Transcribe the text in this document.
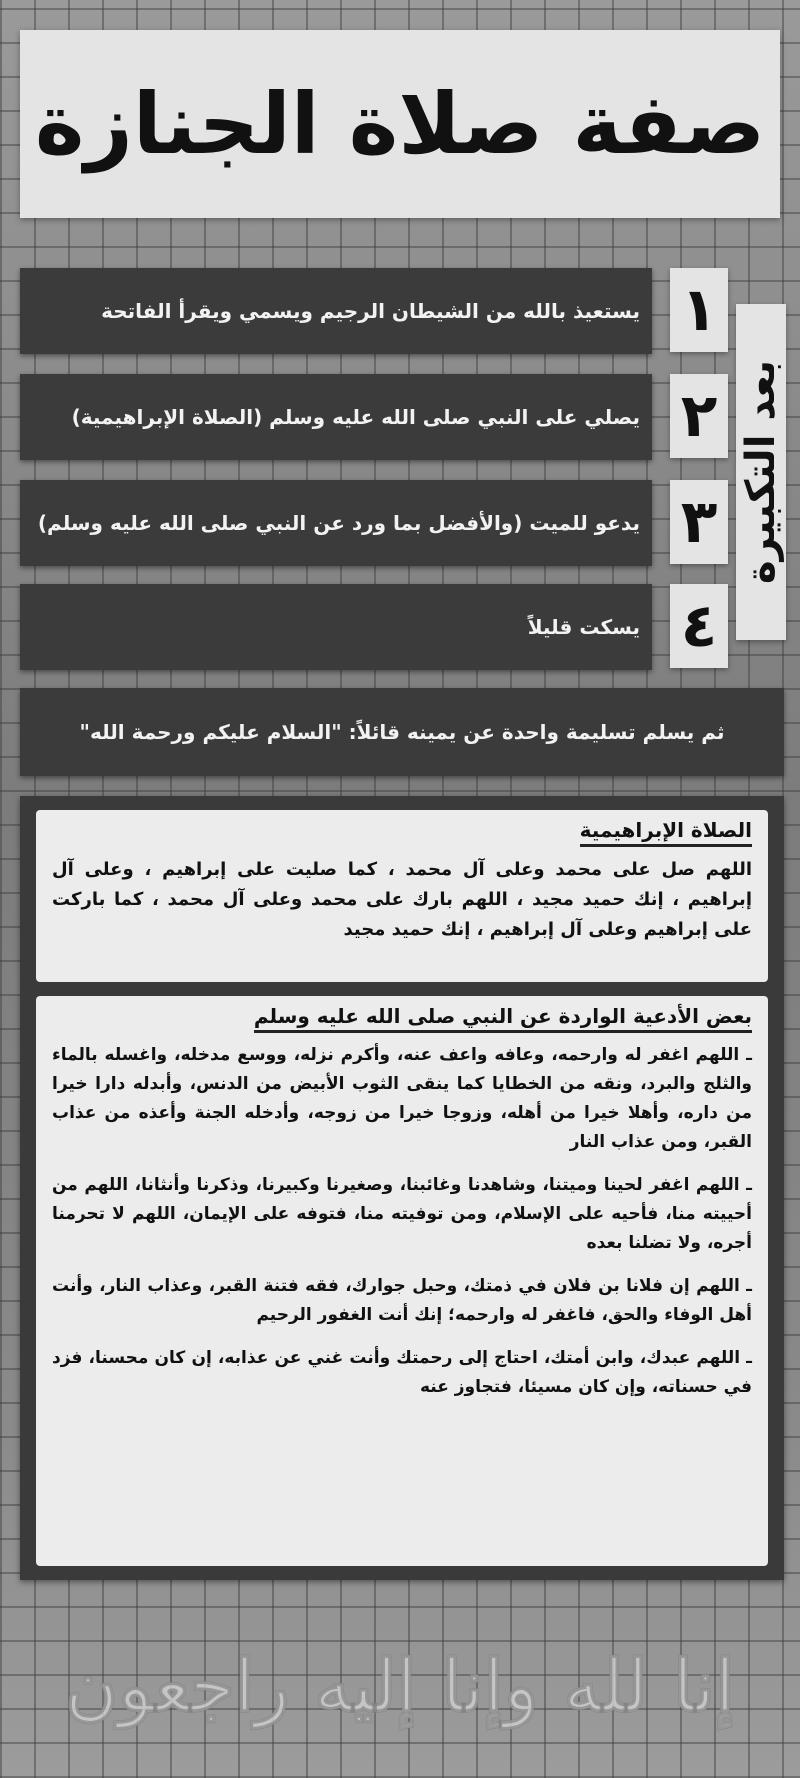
صفة صلاة الجنازة
بعد التكبيرة
١
يستعيذ بالله من الشيطان الرجيم ويسمي ويقرأ الفاتحة
٢
يصلي على النبي صلى الله عليه وسلم (الصلاة الإبراهيمية)
٣
يدعو للميت (والأفضل بما ورد عن النبي صلى الله عليه وسلم)
٤
يسكت قليلاً
ثم يسلم تسليمة واحدة عن يمينه قائلاً: "السلام عليكم ورحمة الله"
الصلاة الإبراهيمية
اللهم صل على محمد وعلى آل محمد ، كما صليت على إبراهيم ، وعلى آل إبراهيم ، إنك حميد مجيد ، اللهم بارك على محمد وعلى آل محمد ، كما باركت على إبراهيم وعلى آل إبراهيم ، إنك حميد مجيد
بعض الأدعية الواردة عن النبي صلى الله عليه وسلم

ـ اللهم اغفر له وارحمه، وعافه واعف عنه، وأكرم نزله، ووسع مدخله، واغسله بالماء والثلج والبرد، ونقه من الخطايا كما ينقى الثوب الأبيض من الدنس، وأبدله دارا خيرا من داره، وأهلا خيرا من أهله، وزوجا خيرا من زوجه، وأدخله الجنة وأعذه من عذاب القبر، ومن عذاب النار

ـ اللهم اغفر لحينا وميتنا، وشاهدنا وغائبنا، وصغيرنا وكبيرنا، وذكرنا وأنثانا، اللهم من أحييته منا، فأحيه على الإسلام، ومن توفيته منا، فتوفه على الإيمان، اللهم لا تحرمنا أجره، ولا تضلنا بعده

ـ اللهم إن فلانا بن فلان في ذمتك، وحبل جوارك، فقه فتنة القبر، وعذاب النار، وأنت أهل الوفاء والحق، فاغفر له وارحمه؛ إنك أنت الغفور الرحيم

ـ اللهم عبدك، وابن أمتك، احتاج إلى رحمتك وأنت غني عن عذابه، إن كان محسنا، فزد في حسناته، وإن كان مسيئا، فتجاوز عنه

إنا لله وإنا إليه راجعون
